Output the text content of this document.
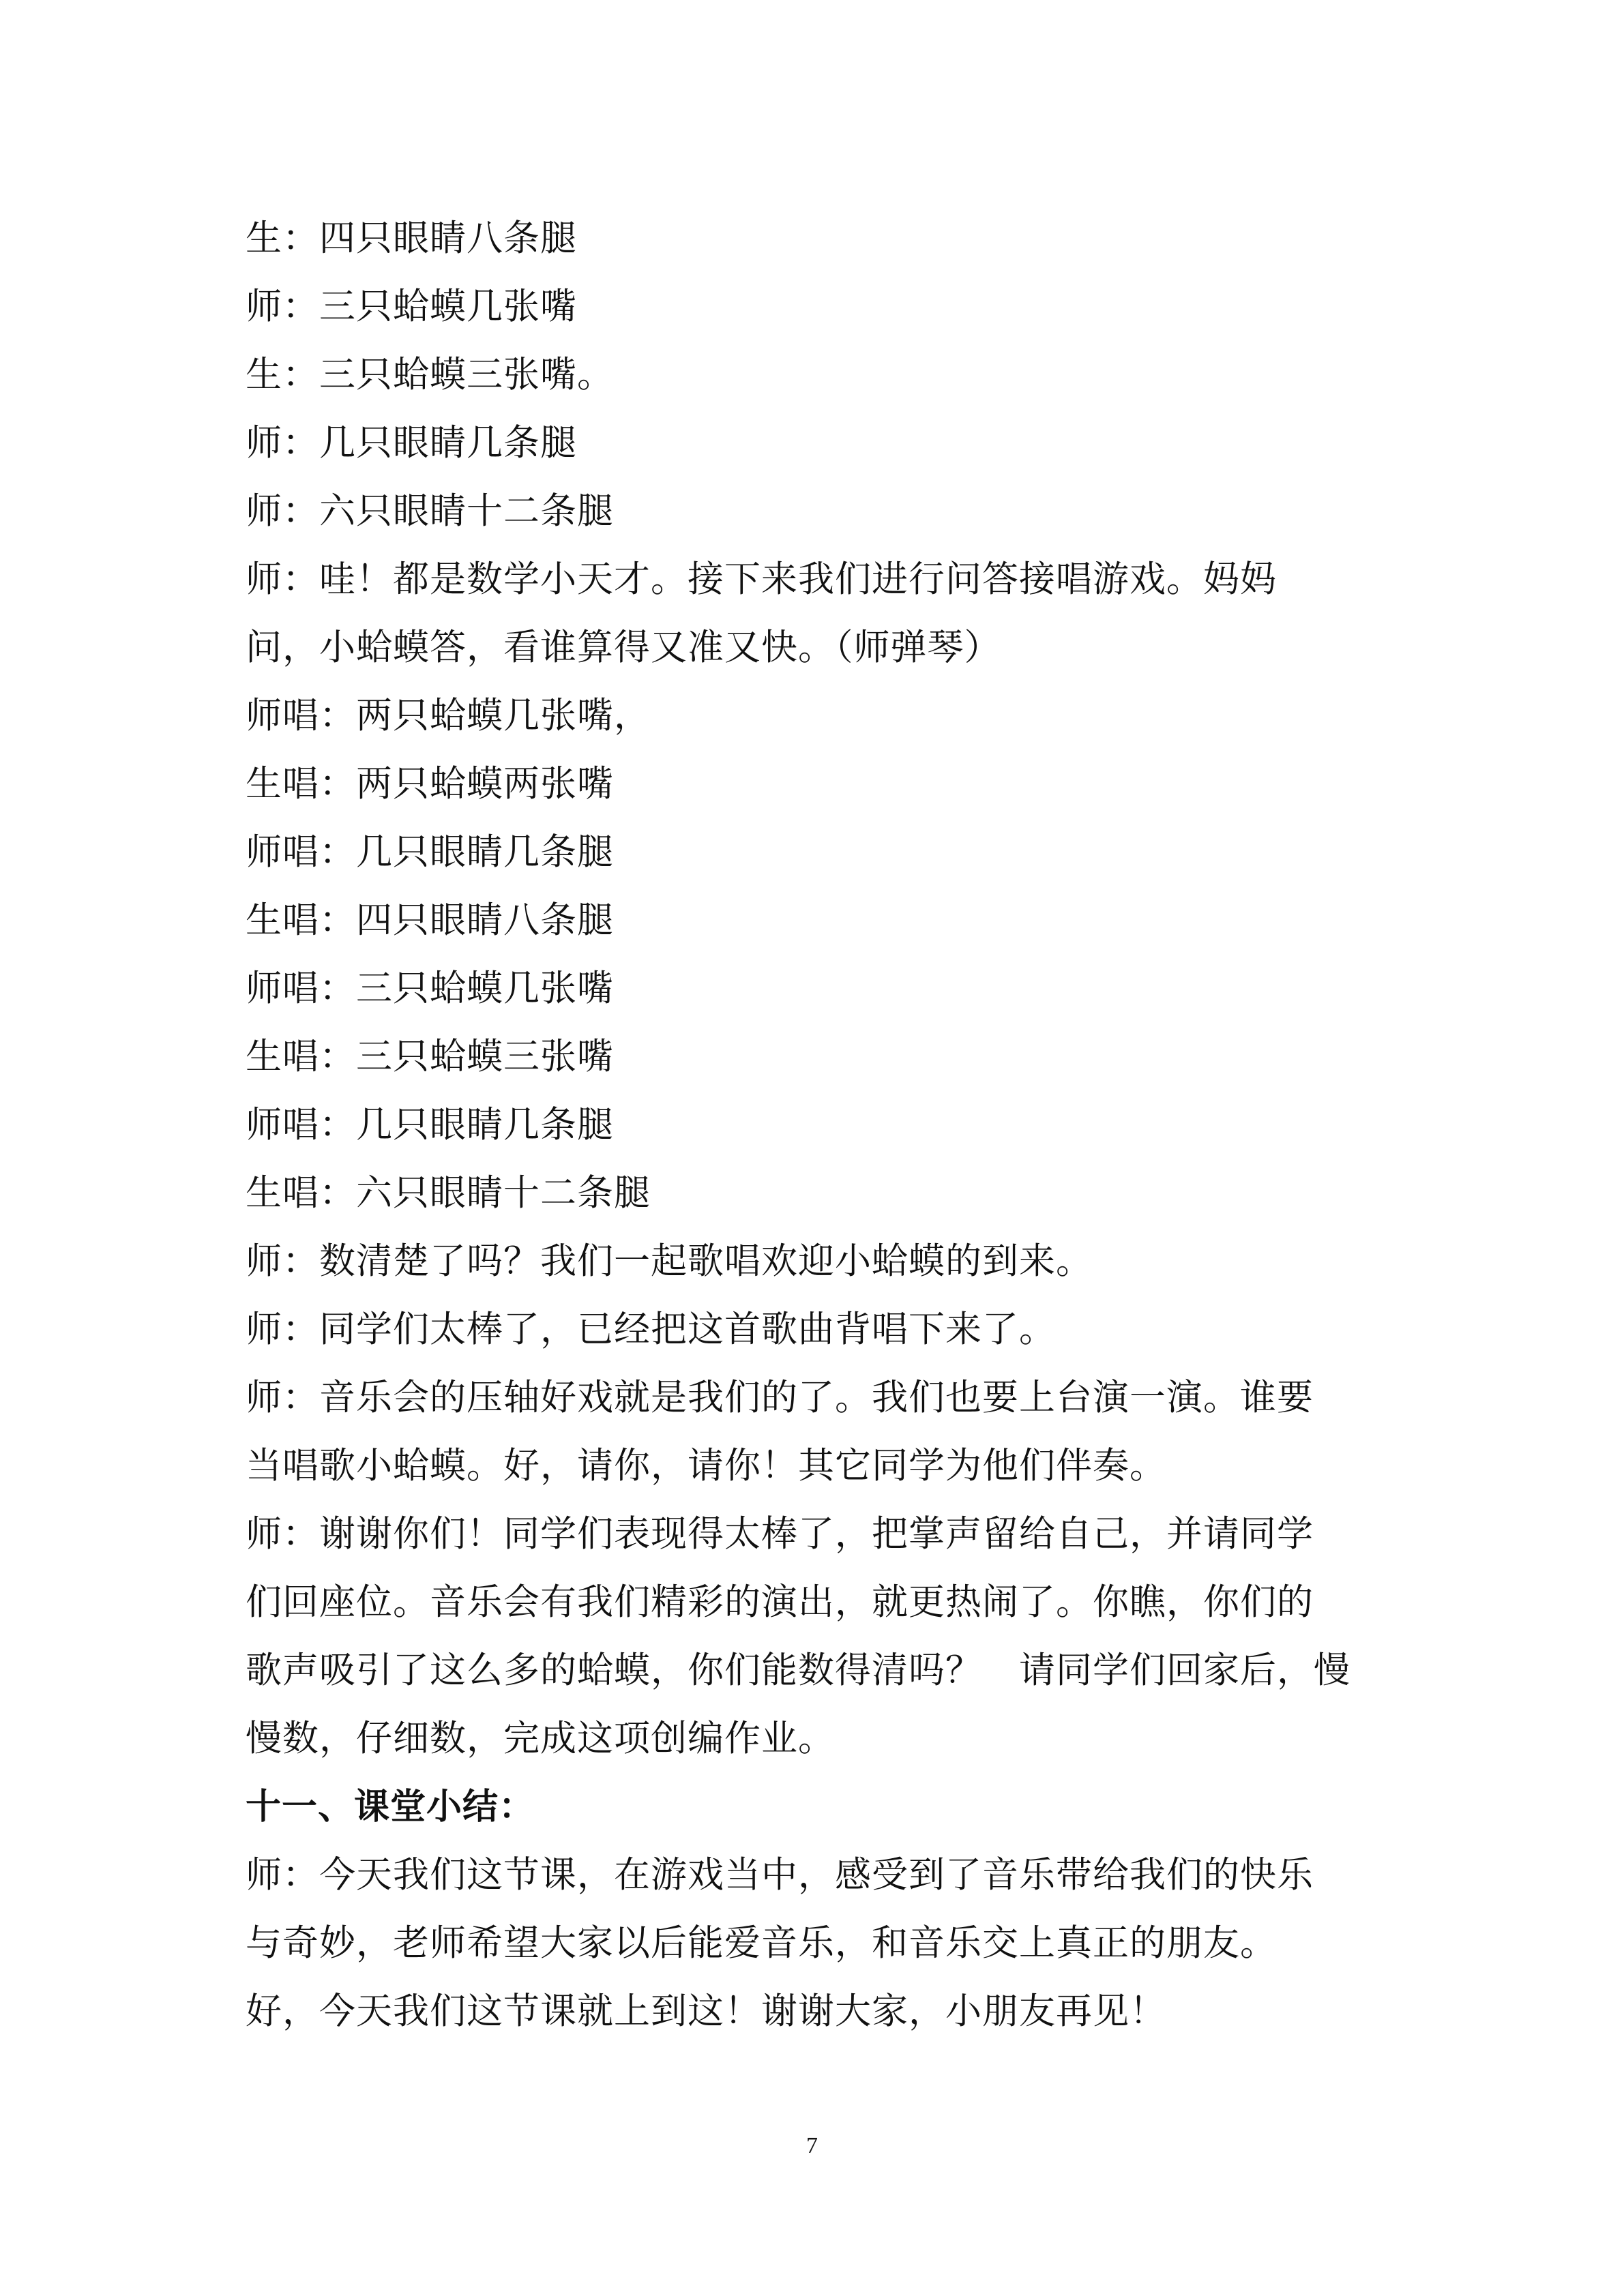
生：四只眼睛八条腿
师：三只蛤蟆几张嘴
生：三只蛤蟆三张嘴。
师：几只眼睛几条腿
师：六只眼睛十二条腿
师：哇！都是数学小天才。接下来我们进行问答接唱游戏。妈妈
问，小蛤蟆答，看谁算得又准又快。（师弹琴）
师唱：两只蛤蟆几张嘴，
生唱：两只蛤蟆两张嘴
师唱：几只眼睛几条腿
生唱：四只眼睛八条腿
师唱：三只蛤蟆几张嘴
生唱：三只蛤蟆三张嘴
师唱：几只眼睛几条腿
生唱：六只眼睛十二条腿
师：数清楚了吗？我们一起歌唱欢迎小蛤蟆的到来。
师：同学们太棒了，已经把这首歌曲背唱下来了。
师：音乐会的压轴好戏就是我们的了。我们也要上台演一演。谁要
当唱歌小蛤蟆。好，请你，请你！其它同学为他们伴奏。
师：谢谢你们！同学们表现得太棒了，把掌声留给自己，并请同学
们回座位。音乐会有我们精彩的演出，就更热闹了。你瞧，你们的
歌声吸引了这么多的蛤蟆，你们能数得清吗？　请同学们回家后，慢
慢数，仔细数，完成这项创编作业。
十一、课堂小结：
师：今天我们这节课，在游戏当中，感受到了音乐带给我们的快乐
与奇妙，老师希望大家以后能爱音乐，和音乐交上真正的朋友。
好，今天我们这节课就上到这！谢谢大家，小朋友再见！
7
